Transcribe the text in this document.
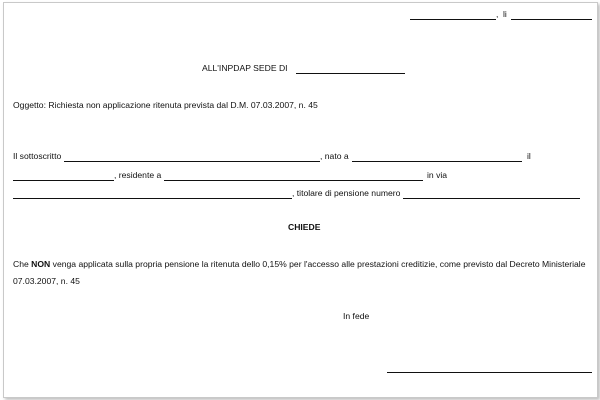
, li
ALL'INPDAP SEDE DI
Oggetto: Richiesta non applicazione ritenuta prevista dal D.M. 07.03.2007, n. 45
Il sottoscritto	, nato a	il
, residente a	in via
, titolare di pensione numero
CHIEDE
Che NON venga applicata sulla propria pensione la ritenuta dello 0,15% per l'accesso alle prestazioni creditizie, come previsto dal Decreto Ministeriale
07.03.2007, n. 45
In fede
